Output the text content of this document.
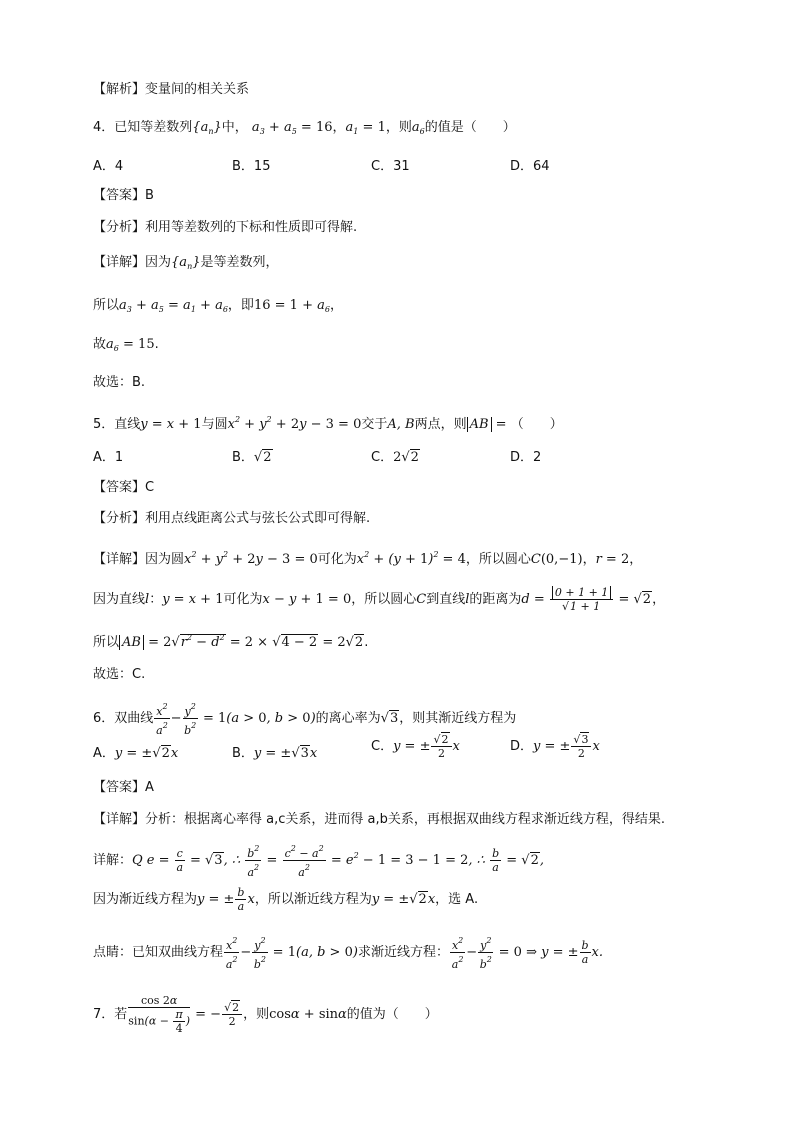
【解析】变量间的相关关系
4．已知等差数列$\{a_n\}$中， $a_3 + a_5 = 16$，$a_1 = 1$，则$a_6$的值是（　　）
A．4	B．15	C．31	D．64
【答案】B
【分析】利用等差数列的下标和性质即可得解.
【详解】因为$\{a_n\}$是等差数列，
所以$a_3 + a_5 = a_1 + a_6$，即$16 = 1 + a_6$，
故$a_6 = 15$.
故选：B.
5．直线y = x + 1与圆$x^2 + y^2 + 2y - 3 = 0$交于A, B两点，则 AB = （　　）
A．1	B．√2	C．2√2	D．2
【答案】C
【分析】利用点线距离公式与弦长公式即可得解.
【详解】因为圆$x^2 + y^2 + 2y - 3 = 0$可化为$x^2 + (y + 1)^2 = 4$，所以圆心C(0,−1)，r = 2，
因为直线l：y = x + 1可化为x − y + 1 = 0，所以圆心C到直线l的距离为$d = \frac{0 + 1 + 1}{√1 + 1} = √2$，
所以 AB = $2√r^2 - d^2 = 2 \times √4 - 2 = 2√2$.
故选：C.
6．双曲线 $\frac{x^2}{a^2} - \frac{y^2}{b^2} = 1(a > 0$, b > 0)的离心率为√3，则其渐近线方程为
A．y = ±√2x	B．y = ±√3x	C．y = ± $\frac{√2}{2}$ x	D．y = ± $\frac{√3}{2}$ x
【答案】A
【详解】分析：根据离心率得 a,c关系，进而得 a,b关系，再根据双曲线方程求渐近线方程，得结果.
详解：Q $e = \frac{c}{a} = √3$, ∴ $\frac{b^2}{a^2} = \frac{c^2 - a^2}{a^2} = e^2 - 1 = 3 - 1 = 2$, ∴ $\frac{b}{a} = √2$,
因为渐近线方程为y = ± $\frac{b}{a}$ x，所以渐近线方程为y = ±√2x，选 A.
点睛：已知双曲线方程 $\frac{x^2}{a^2} - \frac{y^2}{b^2} = 1(a$, b > 0)求渐近线方程： $\frac{x^2}{a^2} - \frac{y^2}{b^2} = 0$ ⇒ y = ± $\frac{b}{a} x$.
7．若 $\frac{\cos 2\alpha}{\sin(\alpha - \frac{\pi}{4} )}$ = − $\frac{√2}{2}$ ，则cosα + sinα的值为（　　）
